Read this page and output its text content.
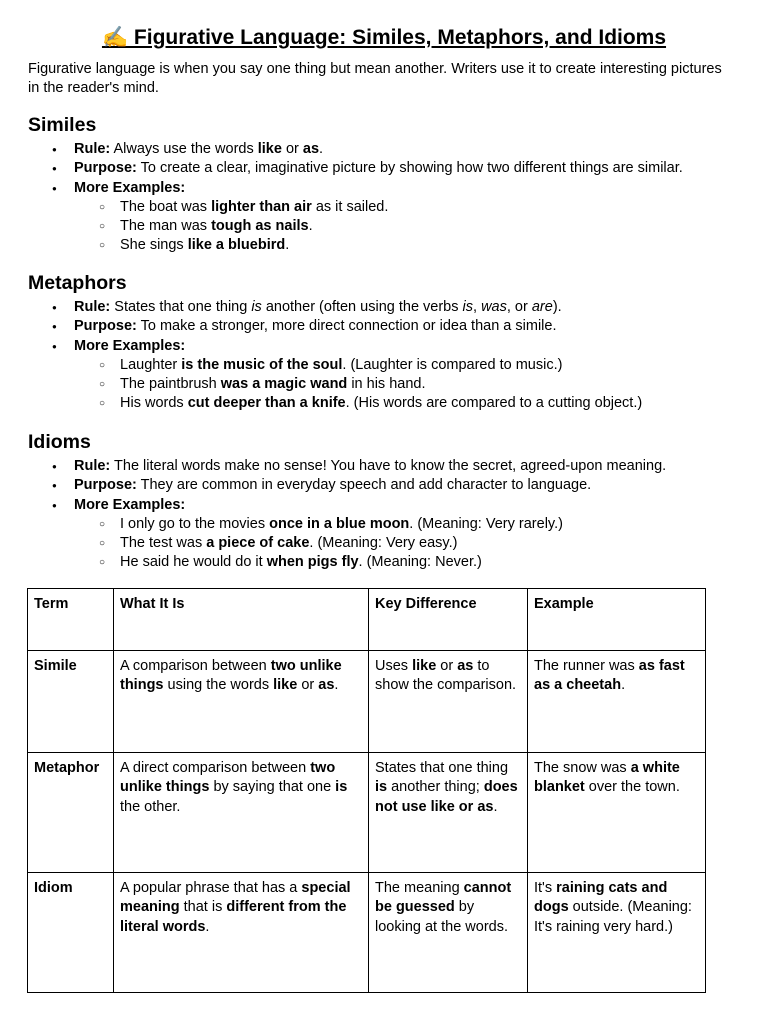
✍️ Figurative Language: Similes, Metaphors, and Idioms
Figurative language is when you say one thing but mean another. Writers use it to create interesting pictures in the reader's mind.
Similes
● Rule: Always use the words like or as.
● Purpose: To create a clear, imaginative picture by showing how two different things are similar.
● More Examples:
○ The boat was lighter than air as it sailed.
○ The man was tough as nails.
○ She sings like a bluebird.
Metaphors
● Rule: States that one thing is another (often using the verbs is, was, or are).
● Purpose: To make a stronger, more direct connection or idea than a simile.
● More Examples:
○ Laughter is the music of the soul. (Laughter is compared to music.)
○ The paintbrush was a magic wand in his hand.
○ His words cut deeper than a knife. (His words are compared to a cutting object.)
Idioms
● Rule: The literal words make no sense! You have to know the secret, agreed-upon meaning.
● Purpose: They are common in everyday speech and add character to language.
● More Examples:
○ I only go to the movies once in a blue moon. (Meaning: Very rarely.)
○ The test was a piece of cake. (Meaning: Very easy.)
○ He said he would do it when pigs fly. (Meaning: Never.)
Term	What It Is	Key Difference	Example
Simile	A comparison between two unlike things using the words like or as.	Uses like or as to show the comparison.	The runner was as fast as a cheetah.
Metaphor	A direct comparison between two unlike things by saying that one is the other.	States that one thing is another thing; does not use like or as.	The snow was a white blanket over the town.
Idiom	A popular phrase that has a special meaning that is different from the literal words.	The meaning cannot be guessed by looking at the words.	It's raining cats and dogs outside. (Meaning: It's raining very hard.)
